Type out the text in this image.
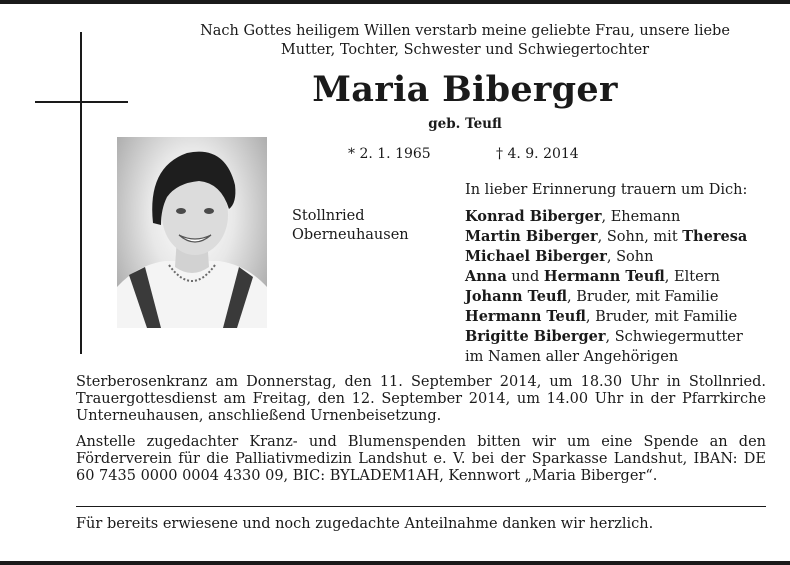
Nach Gottes heiligem Willen verstarb meine geliebte Frau, unsere liebe
Mutter, Tochter, Schwester und Schwiegertochter
Maria Biberger
geb. Teufl
* 2. 1. 1965	† 4. 9. 2014
In lieber Erinnerung trauern um Dich:
Stollnried
Oberneuhausen
Konrad Biberger, Ehemann
Martin Biberger, Sohn, mit Theresa
Michael Biberger, Sohn
Anna und Hermann Teufl, Eltern
Johann Teufl, Bruder, mit Familie
Hermann Teufl, Bruder, mit Familie
Brigitte Biberger, Schwiegermutter
im Namen aller Angehörigen
Sterberosenkranz am Donnerstag, den 11. September 2014, um 18.30 Uhr in Stollnried. Trauergottesdienst am Freitag, den 12. September 2014, um 14.00 Uhr in der Pfarrkirche Unterneuhausen, anschließend Urnenbeisetzung.
Anstelle zugedachter Kranz- und Blumenspenden bitten wir um eine Spende an den Förderverein für die Palliativmedizin Landshut e. V. bei der Sparkasse Landshut, IBAN: DE 60 7435 0000 0004 4330 09, BIC: BYLADEM1AH, Kennwort „Maria Biberger“.
Für bereits erwiesene und noch zugedachte Anteilnahme danken wir herzlich.
